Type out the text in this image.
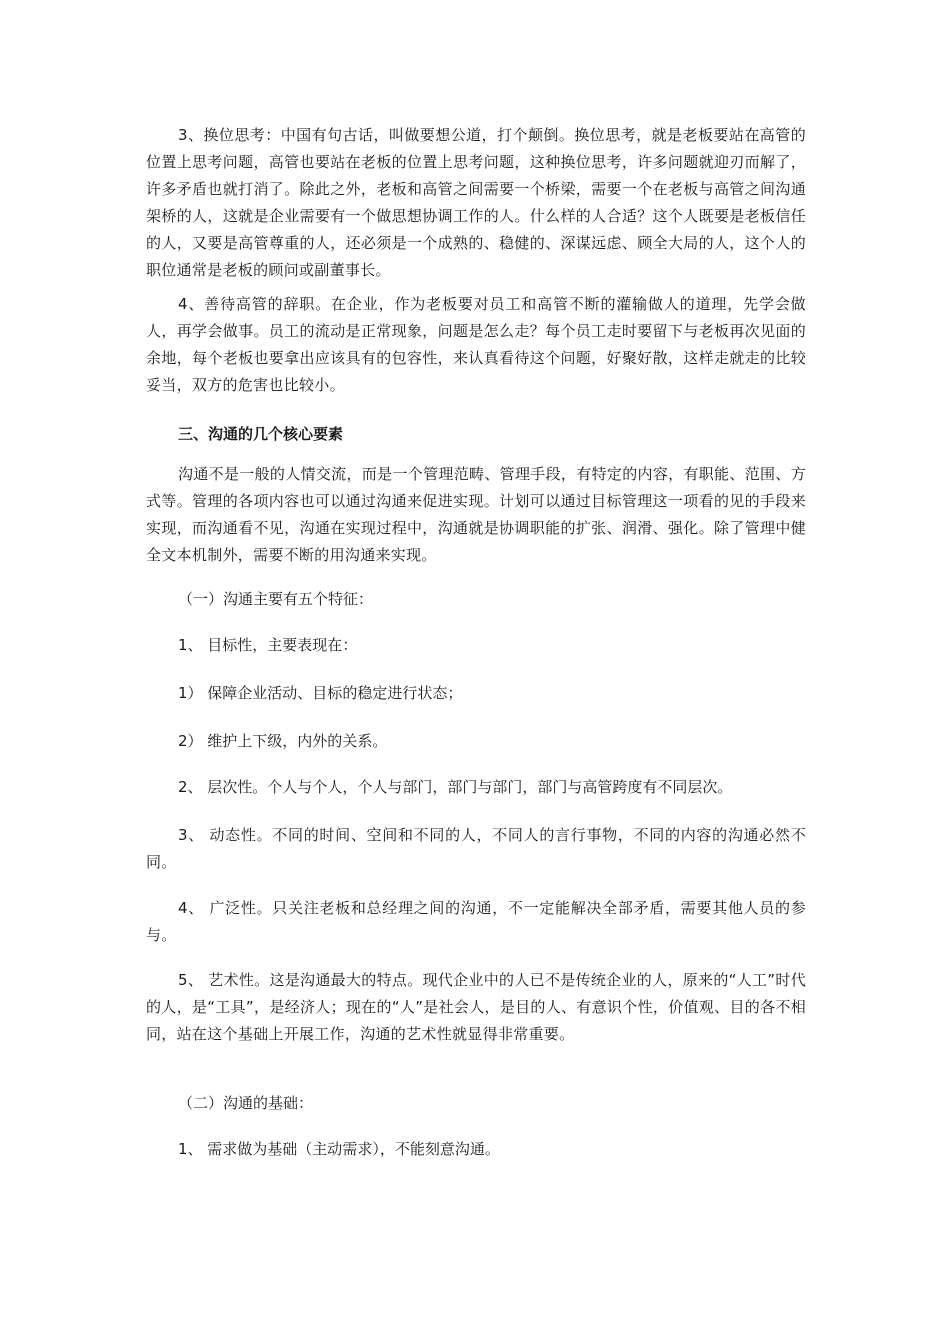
3、换位思考：中国有句古话，叫做要想公道，打个颠倒。换位思考，就是老板要站在高管的位置上思考问题，高管也要站在老板的位置上思考问题，这种换位思考，许多问题就迎刃而解了，许多矛盾也就打消了。除此之外，老板和高管之间需要一个桥梁，需要一个在老板与高管之间沟通架桥的人，这就是企业需要有一个做思想协调工作的人。什么样的人合适？这个人既要是老板信任的人，又要是高管尊重的人，还必须是一个成熟的、稳健的、深谋远虑、顾全大局的人，这个人的职位通常是老板的顾问或副董事长。

4、善待高管的辞职。在企业，作为老板要对员工和高管不断的灌输做人的道理，先学会做人，再学会做事。员工的流动是正常现象，问题是怎么走？每个员工走时要留下与老板再次见面的余地，每个老板也要拿出应该具有的包容性，来认真看待这个问题，好聚好散，这样走就走的比较妥当，双方的危害也比较小。

三、沟通的几个核心要素

沟通不是一般的人情交流，而是一个管理范畴、管理手段，有特定的内容，有职能、范围、方式等。管理的各项内容也可以通过沟通来促进实现。计划可以通过目标管理这一项看的见的手段来实现，而沟通看不见，沟通在实现过程中，沟通就是协调职能的扩张、润滑、强化。除了管理中健全文本机制外，需要不断的用沟通来实现。

（一）沟通主要有五个特征：

1、 目标性，主要表现在：

1） 保障企业活动、目标的稳定进行状态；

2） 维护上下级，内外的关系。

2、 层次性。个人与个人，个人与部门，部门与部门，部门与高管跨度有不同层次。

3、 动态性。不同的时间、空间和不同的人，不同人的言行事物，不同的内容的沟通必然不同。

4、 广泛性。只关注老板和总经理之间的沟通，不一定能解决全部矛盾，需要其他人员的参与。

5、 艺术性。这是沟通最大的特点。现代企业中的人已不是传统企业的人，原来的“人工”时代的人，是“工具”，是经济人；现在的“人”是社会人，是目的人、有意识个性，价值观、目的各不相同，站在这个基础上开展工作，沟通的艺术性就显得非常重要。

（二）沟通的基础：

1、 需求做为基础（主动需求），不能刻意沟通。
